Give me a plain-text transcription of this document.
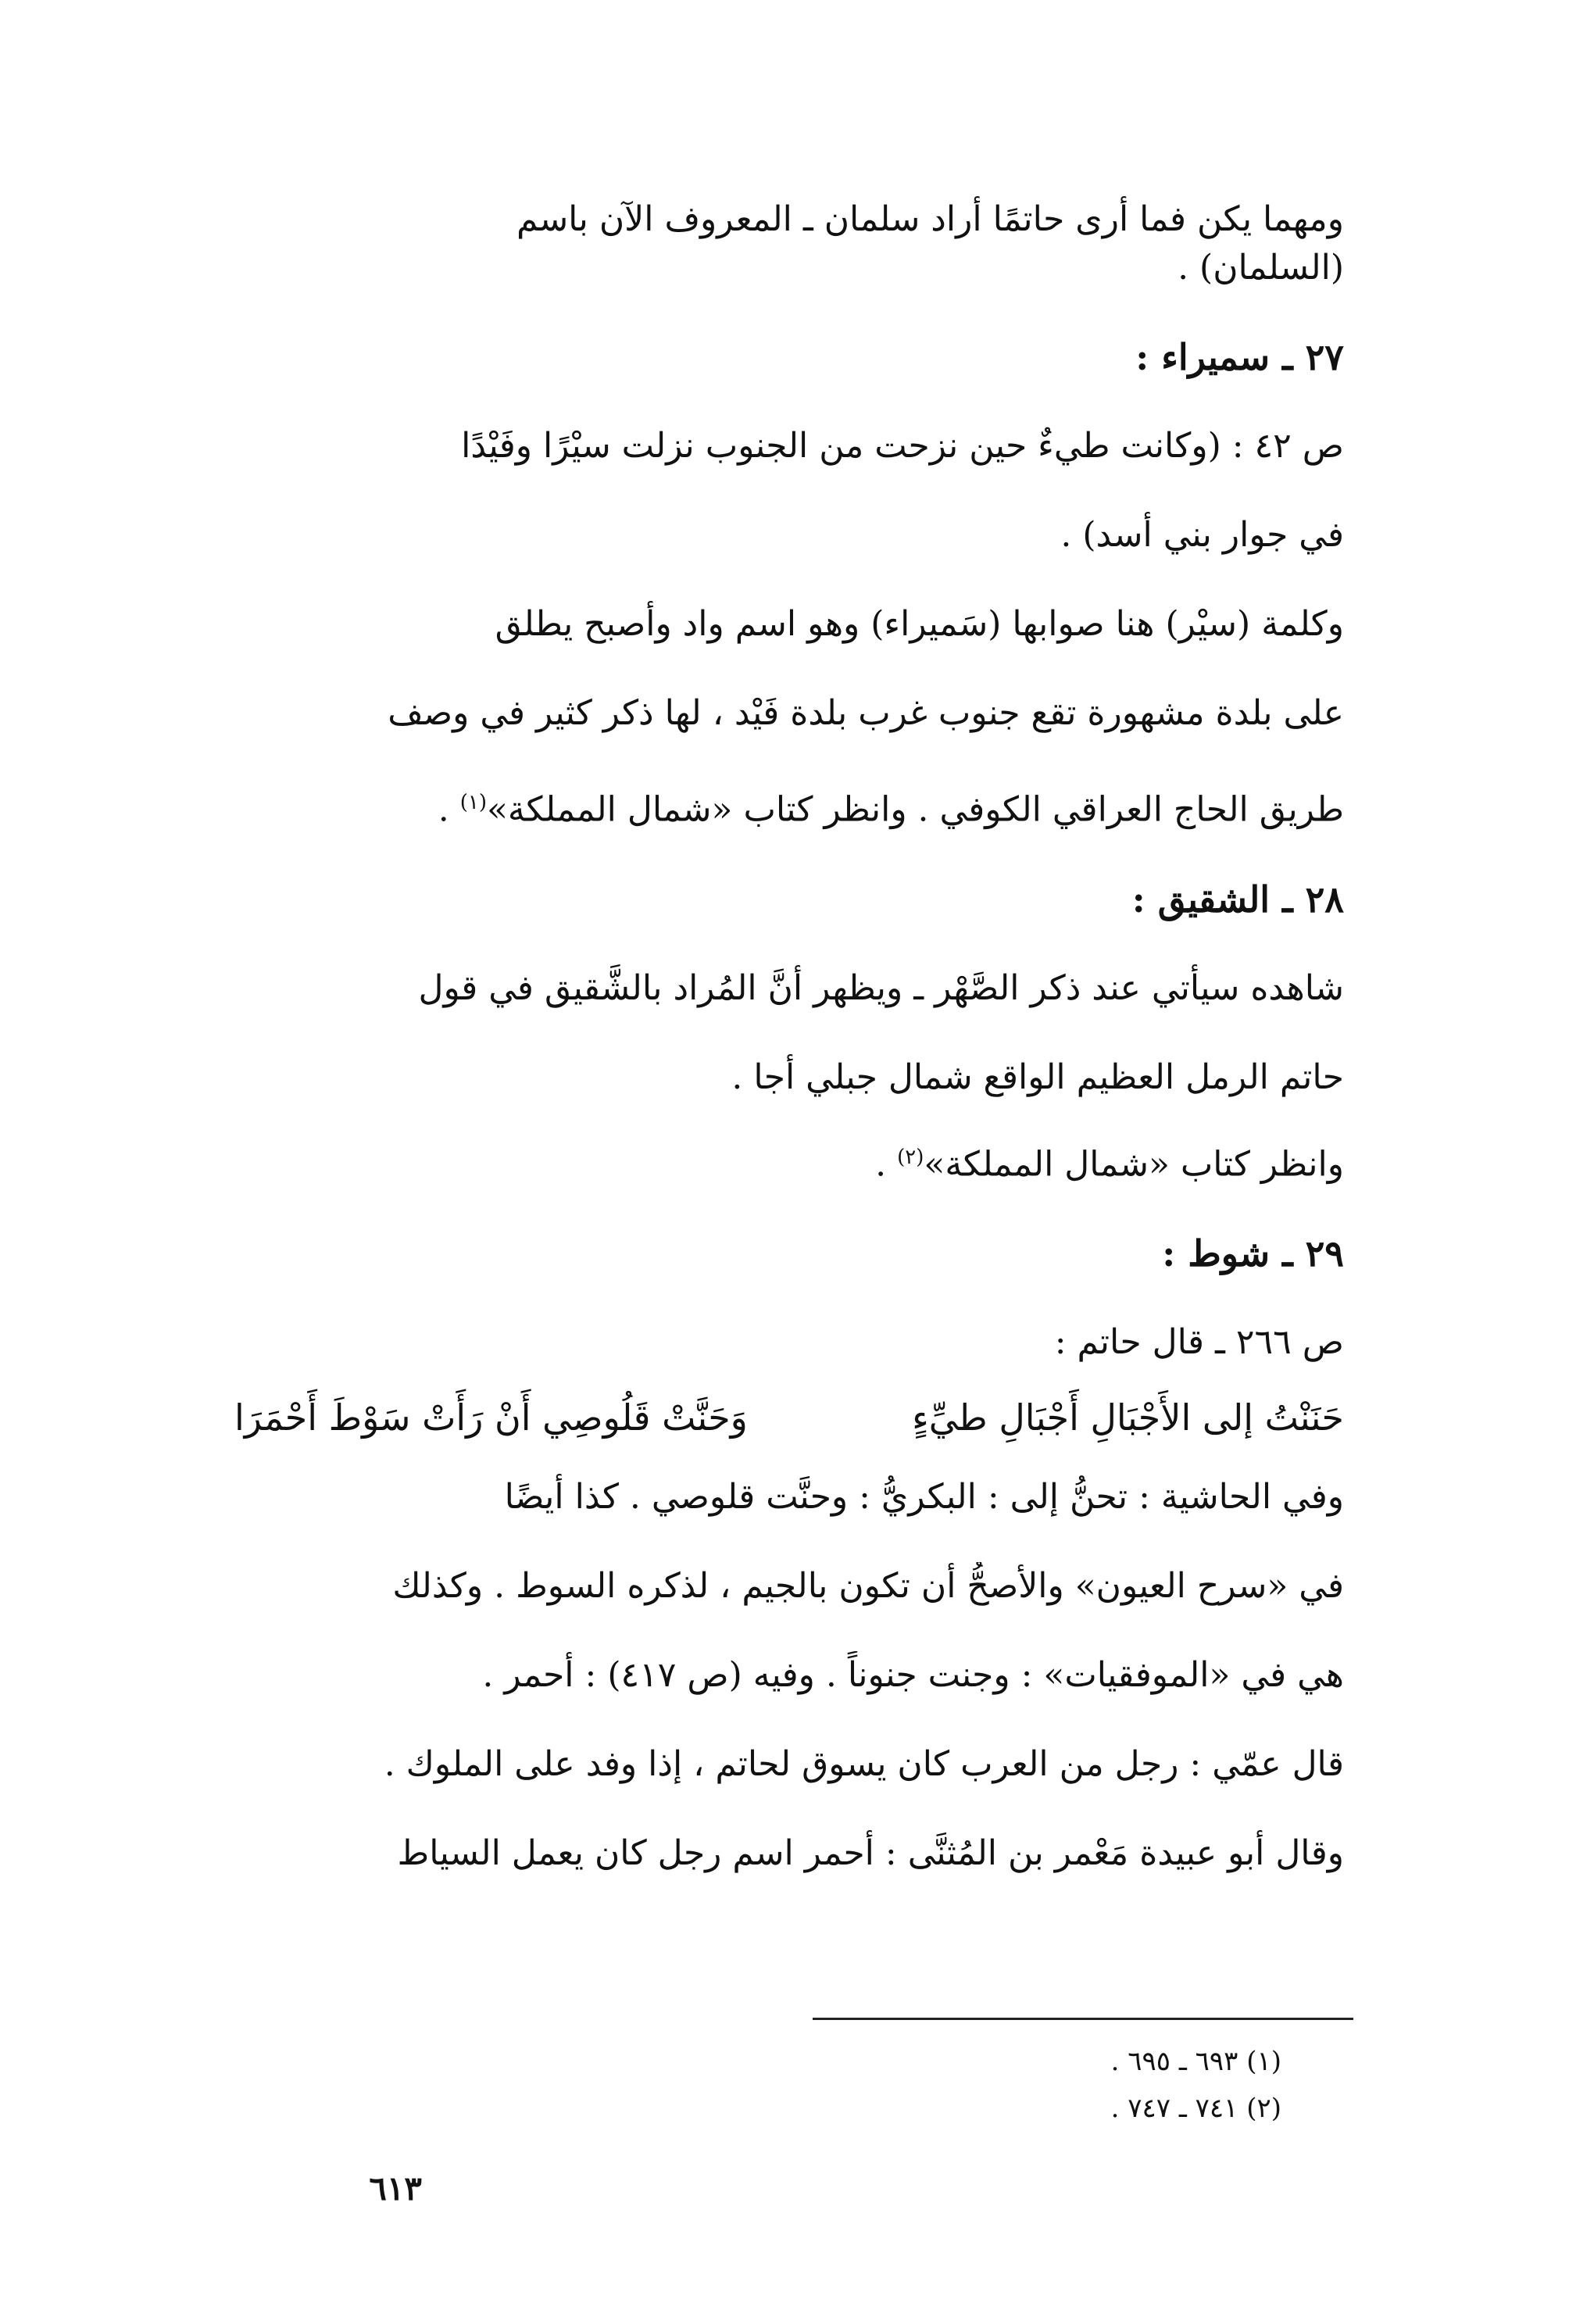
ومهما يكن فما أرى حاتمًا أراد سلمان ـ المعروف الآن باسم
(السلمان) .
٢٧ ـ سميراء :
ص ٤٢ : (وكانت طيءٌ حين نزحت من الجنوب نزلت سيْرًا وفَيْدًا
في جوار بني أسد) .
وكلمة (سيْر) هنا صوابها (سَميراء) وهو اسم واد وأصبح يطلق
على بلدة مشهورة تقع جنوب غرب بلدة فَيْد ، لها ذكر كثير في وصف
طريق الحاج العراقي الكوفي . وانظر كتاب «شمال المملكة»$^{(١)}$ .
٢٨ ـ الشقيق :
شاهده سيأتي عند ذكر الصَّهْر ـ ويظهر أنَّ المُراد بالشَّقيق في قول
حاتم الرمل العظيم الواقع شمال جبلي أجا .
وانظر كتاب «شمال المملكة»$^{(٢)}$ .
٢٩ ـ شوط :
ص ٢٦٦ ـ قال حاتم :
حَنَنْتُ إلى الأَجْبَالِ أَجْبَالِ طيِّءٍ
وَحَنَّتْ قَلُوصِي أَنْ رَأَتْ سَوْطَ أَحْمَرَا
وفي الحاشية : تحنُّ إلى : البكريُّ : وحنَّت قلوصي . كذا أيضًا
في «سرح العيون» والأصحُّ أن تكون بالجيم ، لذكره السوط . وكذلك
هي في «الموفقيات» : وجنت جنوناً . وفيه (ص ٤١٧) : أحمر .
قال عمّي : رجل من العرب كان يسوق لحاتم ، إذا وفد على الملوك .
وقال أبو عبيدة مَعْمر بن المُثنَّى : أحمر اسم رجل كان يعمل السياط
(١) ٦٩٣ ـ ٦٩٥ .
(٢) ٧٤١ ـ ٧٤٧ .
٦١٣
